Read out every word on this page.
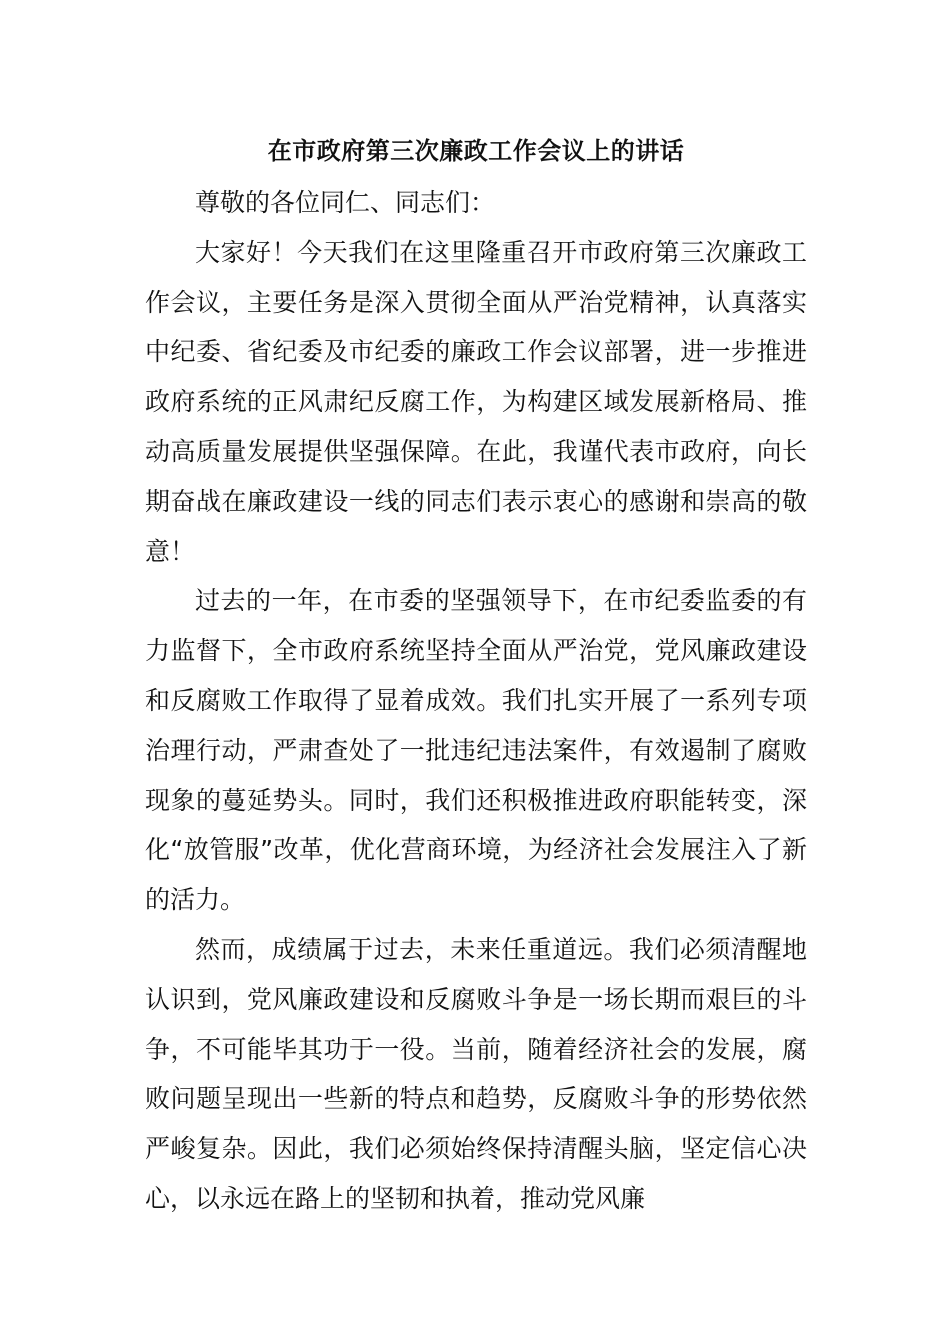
在市政府第三次廉政工作会议上的讲话

尊敬的各位同仁、同志们：

大家好！今天我们在这里隆重召开市政府第三次廉政工作会议，主要任务是深入贯彻全面从严治党精神，认真落实中纪委、省纪委及市纪委的廉政工作会议部署，进一步推进政府系统的正风肃纪反腐工作，为构建区域发展新格局、推动高质量发展提供坚强保障。在此，我谨代表市政府，向长期奋战在廉政建设一线的同志们表示衷心的感谢和崇高的敬意！

过去的一年，在市委的坚强领导下，在市纪委监委的有力监督下，全市政府系统坚持全面从严治党，党风廉政建设和反腐败工作取得了显着成效。我们扎实开展了一系列专项治理行动，严肃查处了一批违纪违法案件，有效遏制了腐败现象的蔓延势头。同时，我们还积极推进政府职能转变，深化“放管服”改革，优化营商环境，为经济社会发展注入了新的活力。

然而，成绩属于过去，未来任重道远。我们必须清醒地认识到，党风廉政建设和反腐败斗争是一场长期而艰巨的斗争，不可能毕其功于一役。当前，随着经济社会的发展，腐败问题呈现出一些新的特点和趋势，反腐败斗争的形势依然严峻复杂。因此，我们必须始终保持清醒头脑，坚定信心决心，以永远在路上的坚韧和执着，推动党风廉
